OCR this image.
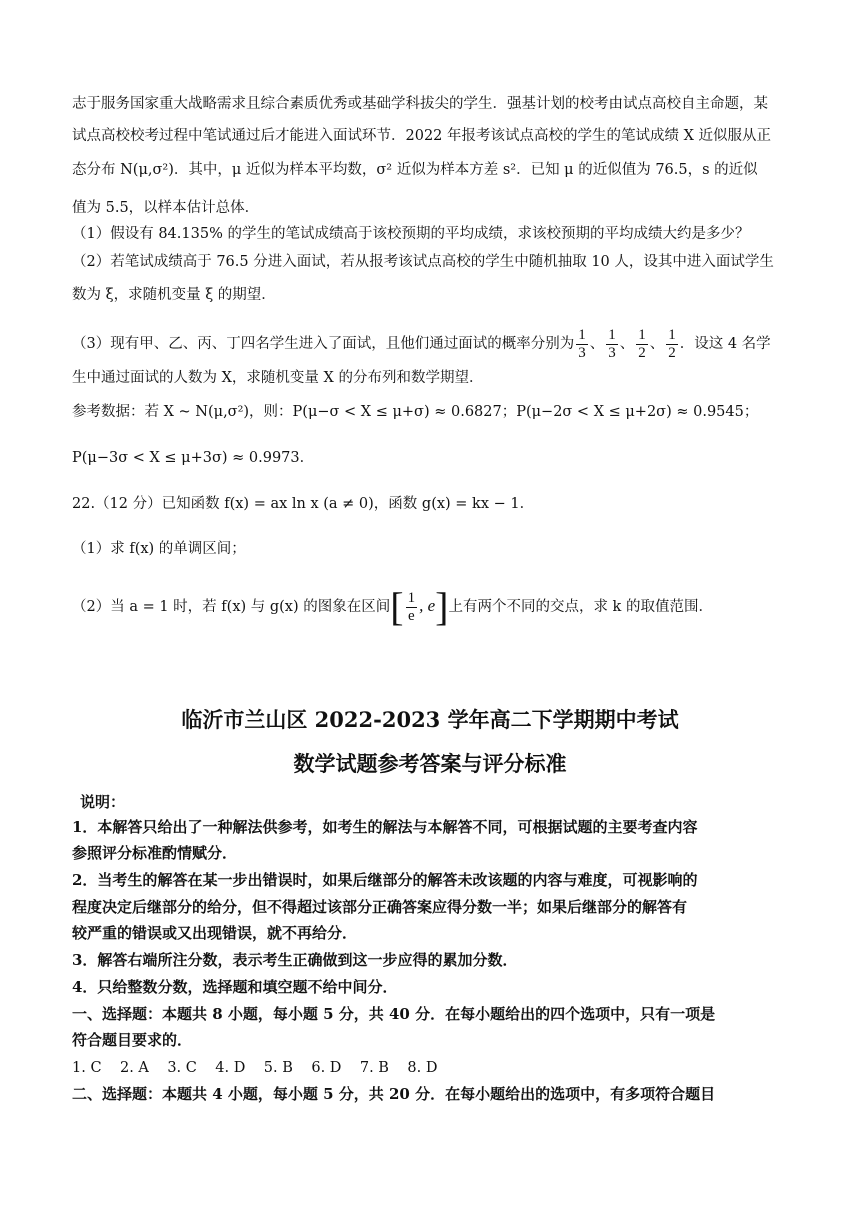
志于服务国家重大战略需求且综合素质优秀或基础学科拔尖的学生．强基计划的校考由试点高校自主命题，某
试点高校校考过程中笔试通过后才能进入面试环节．2022 年报考该试点高校的学生的笔试成绩 X 近似服从正
态分布 N(μ,σ²)．其中，μ 近似为样本平均数，σ² 近似为样本方差 s²．已知 μ 的近似值为 76.5，s 的近似
值为 5.5，以样本估计总体．
（1）假设有 84.135% 的学生的笔试成绩高于该校预期的平均成绩，求该校预期的平均成绩大约是多少？
（2）若笔试成绩高于 76.5 分进入面试，若从报考该试点高校的学生中随机抽取 10 人，设其中进入面试学生
数为 ξ，求随机变量 ξ 的期望．
（3）现有甲、乙、丙、丁四名学生进入了面试，且他们通过面试的概率分别为 $\frac{1}{3}$ 、 $\frac{1}{3}$ 、 $\frac{1}{2}$ 、 $\frac{1}{2}$ ．设这 4 名学
生中通过面试的人数为 X，求随机变量 X 的分布列和数学期望．
参考数据：若 X ~ N(μ,σ²)，则：P(μ−σ < X ≤ μ+σ) ≈ 0.6827；P(μ−2σ < X ≤ μ+2σ) ≈ 0.9545；
P(μ−3σ < X ≤ μ+3σ) ≈ 0.9973．
22.（12 分）已知函数 f(x) = ax ln x (a ≠ 0)，函数 g(x) = kx − 1．
（1）求 f(x) 的单调区间；
（2）当 a = 1 时，若 f(x) 与 g(x) 的图象在区间[ $\frac{1}{e}$ , e]上有两个不同的交点，求 k 的取值范围．
临沂市兰山区 2022-2023 学年高二下学期期中考试
数学试题参考答案与评分标准
说明：
1．本解答只给出了一种解法供参考，如考生的解法与本解答不同，可根据试题的主要考查内容
参照评分标准酌情赋分．
2．当考生的解答在某一步出错误时，如果后继部分的解答未改该题的内容与难度，可视影响的
程度决定后继部分的给分，但不得超过该部分正确答案应得分数一半；如果后继部分的解答有
较严重的错误或又出现错误，就不再给分．
3．解答右端所注分数，表示考生正确做到这一步应得的累加分数．
4．只给整数分数，选择题和填空题不给中间分．
一、选择题：本题共 8 小题，每小题 5 分，共 40 分．在每小题给出的四个选项中，只有一项是
符合题目要求的．
1. C    2. A    3. C    4. D    5. B    6. D    7. B    8. D
二、选择题：本题共 4 小题，每小题 5 分，共 20 分．在每小题给出的选项中，有多项符合题目
